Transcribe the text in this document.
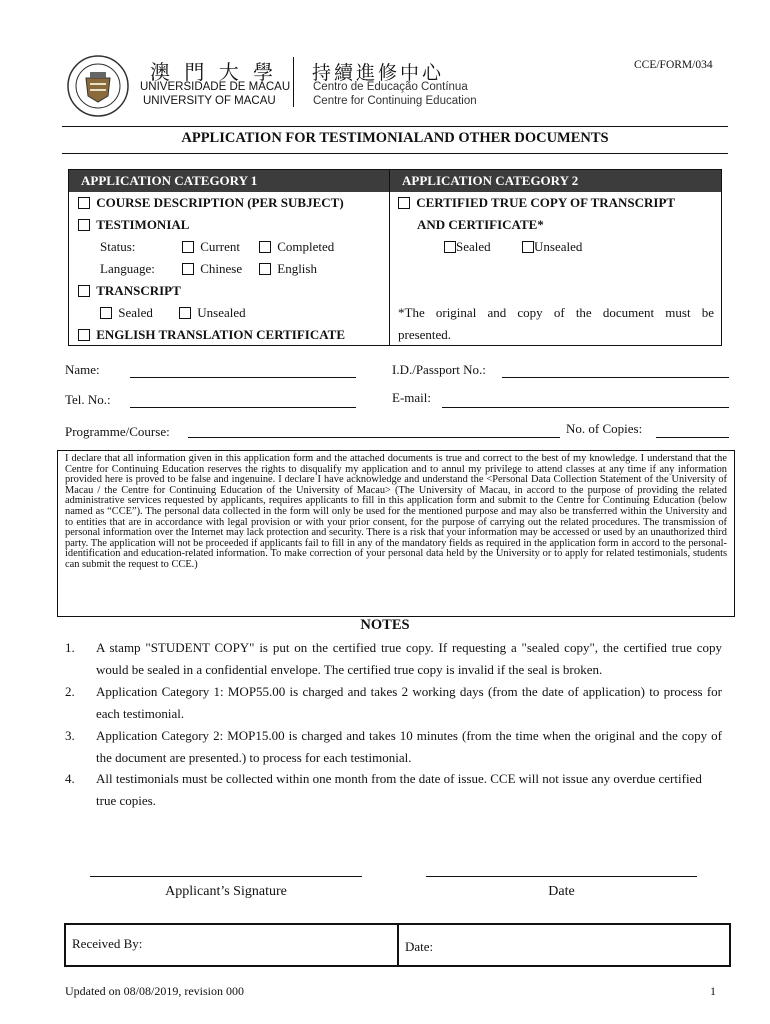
澳 門 大 學
UNIVERSIDADE DE MACAU
UNIVERSITY OF MACAU
持續進修中心
Centro de Educação Contínua
Centre for Continuing Education
CCE/FORM/034
APPLICATION FOR TESTIMONIALAND OTHER DOCUMENTS
APPLICATION CATEGORY 1	APPLICATION CATEGORY 2
COURSE DESCRIPTION (PER SUBJECT)
TESTIMONIAL
Status:	Current	Completed
Language:	Chinese	English
TRANSCRIPT
Sealed	Unsealed
ENGLISH TRANSLATION CERTIFICATE
CERTIFIED TRUE COPY OF TRANSCRIPT
AND CERTIFICATE*
Sealed	Unsealed
*The original and copy of the document must be
presented.
Name:	I.D./Passport No.:
Tel. No.:	E-mail:
Programme/Course:	No. of Copies:
I declare that all information given in this application form and the attached documents is true and correct to the best of my knowledge. I understand that the Centre for Continuing Education reserves the rights to disqualify my application and to annul my privilege to attend classes at any time if any information provided here is proved to be false and ingenuine. I declare I have acknowledge and understand the <Personal Data Collection Statement of the University of Macau / the Centre for Continuing Education of the University of Macau> (The University of Macau, in accord to the purpose of providing the related administrative services requested by applicants, requires applicants to fill in this application form and submit to the Centre for Continuing Education (below named as “CCE”). The personal data collected in the form will only be used for the mentioned purpose and may also be transferred within the University and to entities that are in accordance with legal provision or with your prior consent, for the purpose of carrying out the related procedures. The transmission of personal information over the Internet may lack protection and security. There is a risk that your information may be accessed or used by an unauthorized third party. The application will not be proceeded if applicants fail to fill in any of the mandatory fields as required in the application form in accord to the personal-identification and education-related information. To make correction of your personal data held by the University or to apply for related testimonials, students can submit the request to CCE.)
NOTES
1. A stamp "STUDENT COPY" is put on the certified true copy. If requesting a "sealed copy", the certified true copy would be sealed in a confidential envelope. The certified true copy is invalid if the seal is broken.
2. Application Category 1: MOP55.00 is charged and takes 2 working days (from the date of application) to process for each testimonial.
3. Application Category 2: MOP15.00 is charged and takes 10 minutes (from the time when the original and the copy of the document are presented.) to process for each testimonial.
4. All testimonials must be collected within one month from the date of issue. CCE will not issue any overdue certified true copies.
Applicant’s Signature	Date
Received By:	Date:
Updated on 08/08/2019, revision 000	1
